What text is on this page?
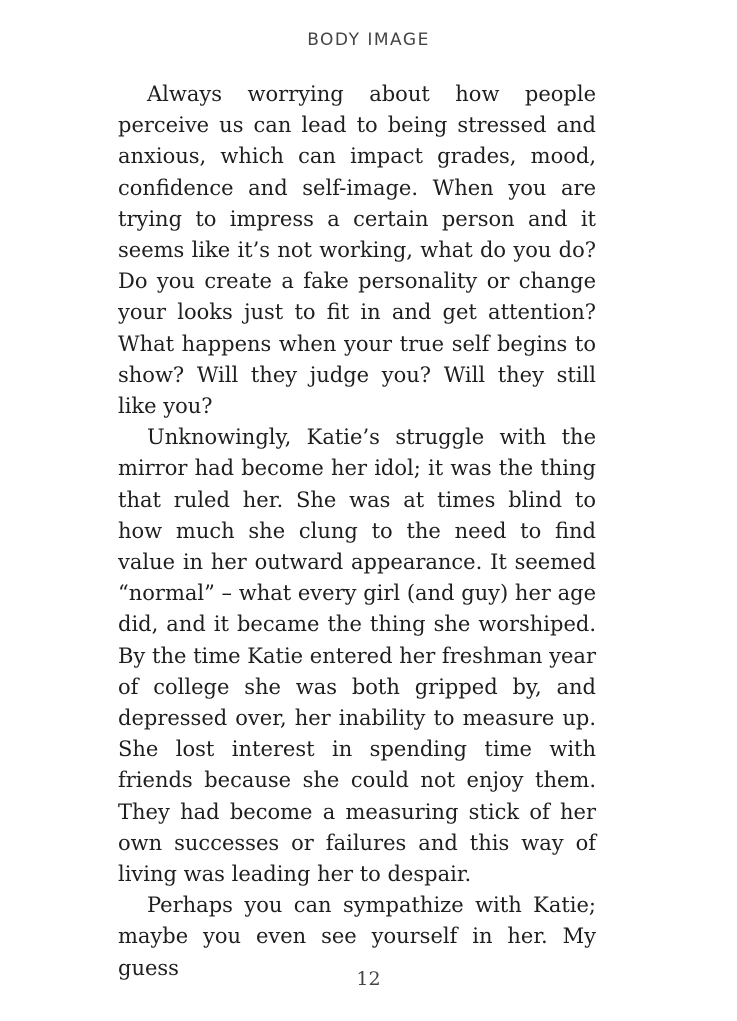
BODY IMAGE

Always worrying about how people perceive us can lead to being stressed and anxious, which can impact grades, mood, confidence and self-image. When you are trying to impress a certain person and it seems like it’s not working, what do you do? Do you create a fake personality or change your looks just to fit in and get attention? What happens when your true self begins to show? Will they judge you? Will they still like you?

Unknowingly, Katie’s struggle with the mirror had become her idol; it was the thing that ruled her. She was at times blind to how much she clung to the need to find value in her outward appearance. It seemed “normal” – what every girl (and guy) her age did, and it became the thing she worshiped. By the time Katie entered her freshman year of college she was both gripped by, and depressed over, her inability to measure up. She lost interest in spending time with friends because she could not enjoy them. They had become a measuring stick of her own successes or failures and this way of living was leading her to despair.

Perhaps you can sympathize with Katie; maybe you even see yourself in her. My guess	12
